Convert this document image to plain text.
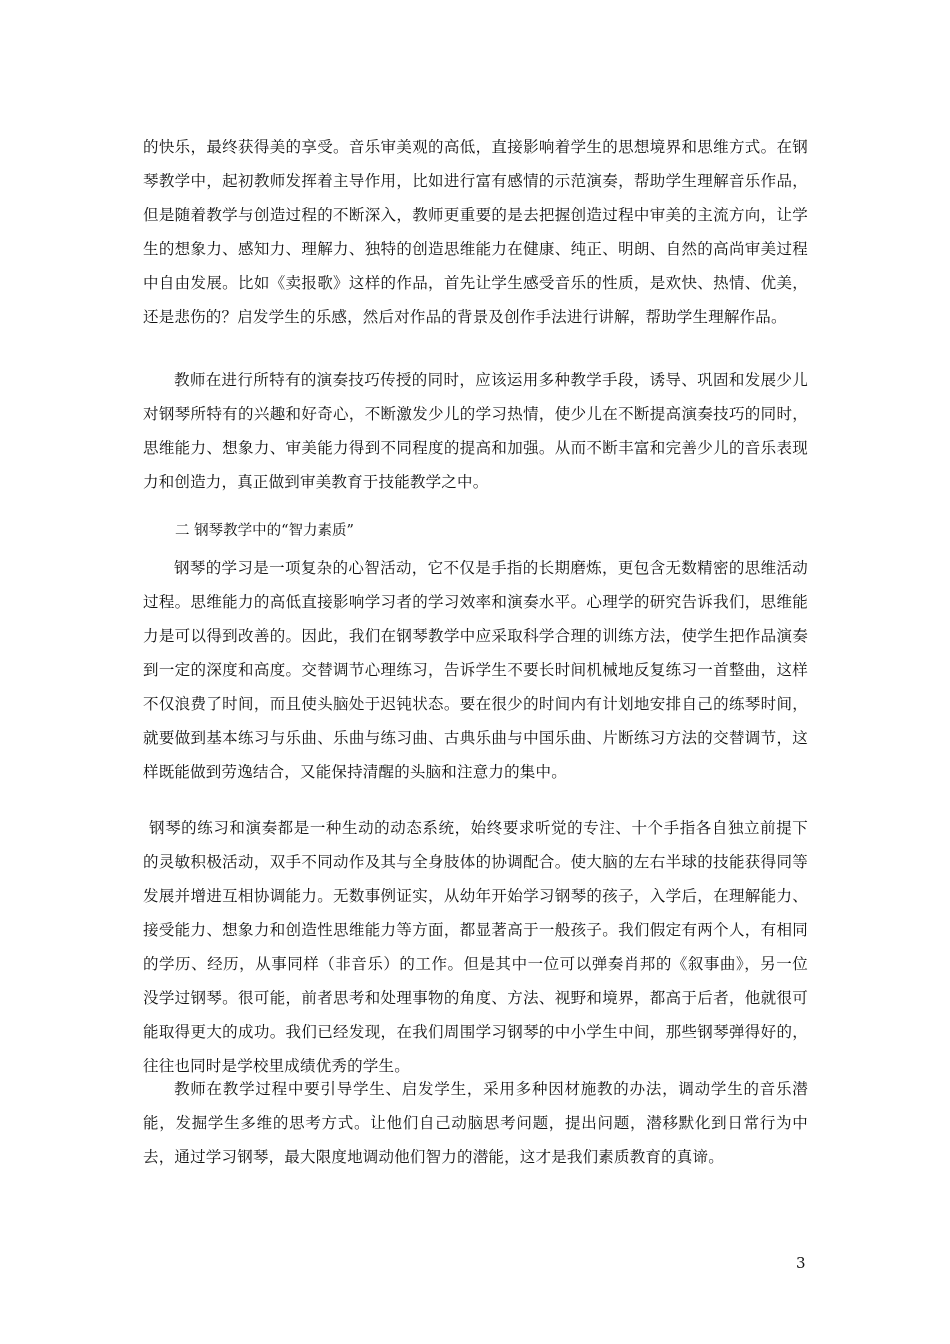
的快乐，最终获得美的享受。音乐审美观的高低，直接影响着学生的思想境界和思维方式。在钢琴教学中，起初教师发挥着主导作用，比如进行富有感情的示范演奏，帮助学生理解音乐作品，但是随着教学与创造过程的不断深入，教师更重要的是去把握创造过程中审美的主流方向，让学生的想象力、感知力、理解力、独特的创造思维能力在健康、纯正、明朗、自然的高尚审美过程中自由发展。比如《卖报歌》这样的作品，首先让学生感受音乐的性质，是欢快、热情、优美，还是悲伤的？启发学生的乐感，然后对作品的背景及创作手法进行讲解，帮助学生理解作品。

教师在进行所特有的演奏技巧传授的同时，应该运用多种教学手段，诱导、巩固和发展少儿对钢琴所特有的兴趣和好奇心，不断激发少儿的学习热情，使少儿在不断提高演奏技巧的同时，思维能力、想象力、审美能力得到不同程度的提高和加强。从而不断丰富和完善少儿的音乐表现力和创造力，真正做到审美教育于技能教学之中。

二 钢琴教学中的“智力素质”

钢琴的学习是一项复杂的心智活动，它不仅是手指的长期磨炼，更包含无数精密的思维活动过程。思维能力的高低直接影响学习者的学习效率和演奏水平。心理学的研究告诉我们，思维能力是可以得到改善的。因此，我们在钢琴教学中应采取科学合理的训练方法，使学生把作品演奏到一定的深度和高度。交替调节心理练习，告诉学生不要长时间机械地反复练习一首整曲，这样不仅浪费了时间，而且使头脑处于迟钝状态。要在很少的时间内有计划地安排自己的练琴时间，就要做到基本练习与乐曲、乐曲与练习曲、古典乐曲与中国乐曲、片断练习方法的交替调节，这样既能做到劳逸结合，又能保持清醒的头脑和注意力的集中。

钢琴的练习和演奏都是一种生动的动态系统，始终要求听觉的专注、十个手指各自独立前提下的灵敏积极活动，双手不同动作及其与全身肢体的协调配合。使大脑的左右半球的技能获得同等发展并增进互相协调能力。无数事例证实，从幼年开始学习钢琴的孩子，入学后，在理解能力、接受能力、想象力和创造性思维能力等方面，都显著高于一般孩子。我们假定有两个人，有相同的学历、经历，从事同样（非音乐）的工作。但是其中一位可以弹奏肖邦的《叙事曲》，另一位没学过钢琴。很可能，前者思考和处理事物的角度、方法、视野和境界，都高于后者，他就很可能取得更大的成功。我们已经发现，在我们周围学习钢琴的中小学生中间，那些钢琴弹得好的，往往也同时是学校里成绩优秀的学生。

教师在教学过程中要引导学生、启发学生，采用多种因材施教的办法，调动学生的音乐潜能，发掘学生多维的思考方式。让他们自己动脑思考问题，提出问题，潜移默化到日常行为中去，通过学习钢琴，最大限度地调动他们智力的潜能，这才是我们素质教育的真谛。

3
